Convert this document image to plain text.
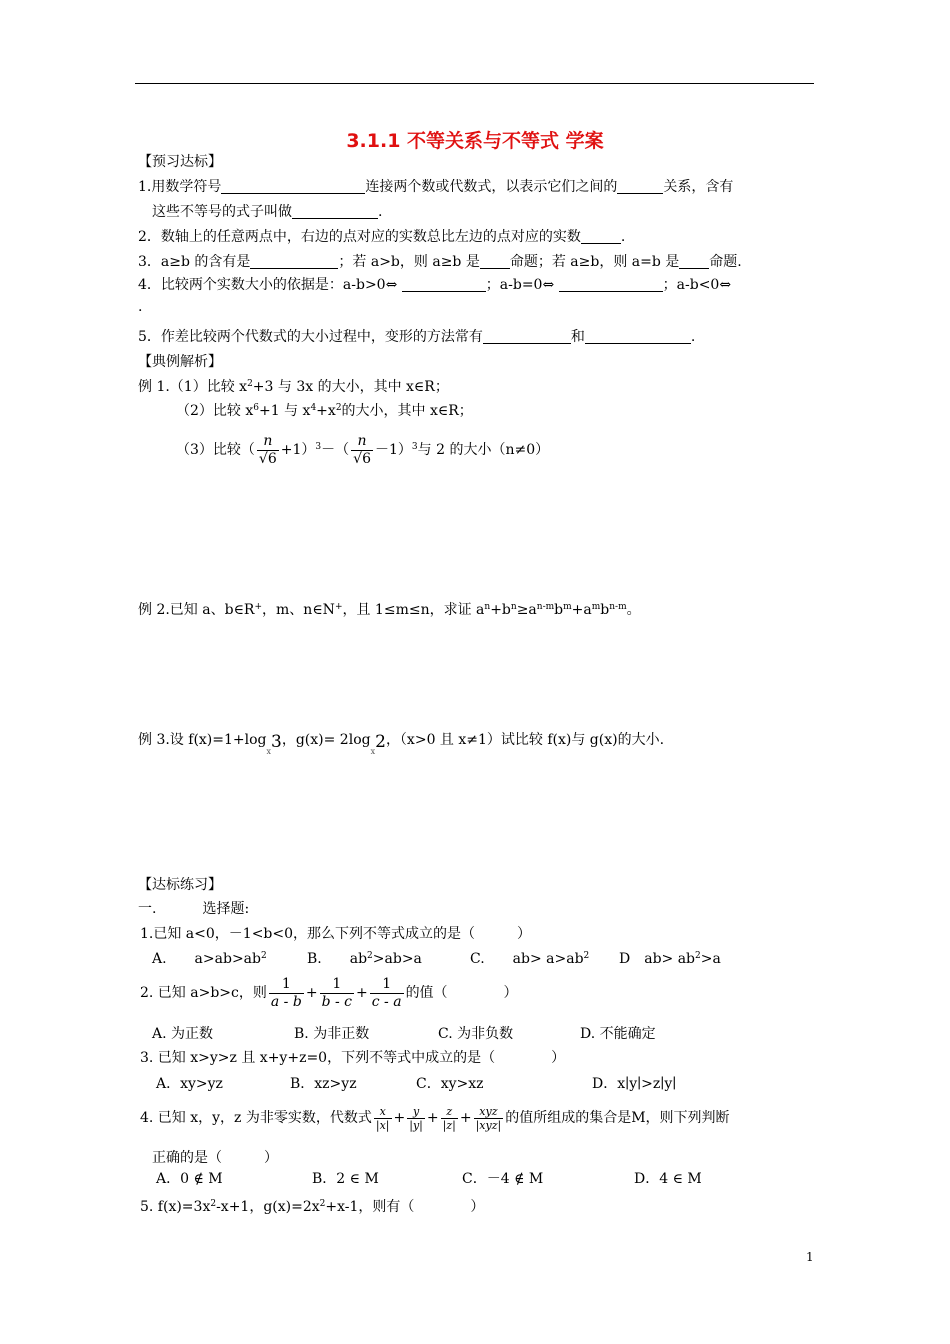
3.1.1 不等关系与不等式 学案
【预习达标】
1.用数学符号	连接两个数或代数式，以表示它们之间的	关系，含有
这些不等号的式子叫做	.
2．数轴上的任意两点中，右边的点对应的实数总比左边的点对应的实数	.
3．a≥b 的含有是	；若 a>b，则 a≥b 是 命题；若 a≥b，则 a=b 是 命题.
4．比较两个实数大小的依据是：a-b>0⇔	；a-b=0⇔	；a-b<0⇔
.
5．作差比较两个代数式的大小过程中，变形的方法常有	和	.
【典例解析】
例 1.（1）比较 $x^2+3$ 与 3x 的大小，其中 x∈R；
（2）比较 $x^6+1$ 与 $x^4+x^2$的大小，其中 x∈R；
（3）比较（ $\frac{n}{√6} +1)^3-( \frac{n}{√6} -1)^3$与 2 的大小（n≠0）
例 2.已知 a、b∈R+，m、n∈N+，且 1≤m≤n，求证 $a^n+b^n\ge a^{n-m}b^m+a^mb^{n-m}$。
例 3.设 $f(x)=1+\log_x3$，$g(x)= 2\log_x2$，（x>0 且 x≠1）试比较 f(x)与 g(x)的大小.
【达标练习】
一.	选择题:
1.已知 a<0，－1<b<0，那么下列不等式成立的是（　　　）
A.　　$a>ab>ab^2$	B.　　$ab^2>ab>a$	C.　　$ab> a>ab^2$ D　$ab> ab^2>a$
2. 已知 a>b>c，则 $\frac{1}{a - b} + \frac{1}{b - c} + \frac{1}{c - a}$ 的值（　　　　）
A. 为正数	B. 为非正数	C. 为非负数	D. 不能确定
3. 已知 x>y>z 且 x+y+z=0，下列不等式中成立的是（　　　　）
A．xy>yz	B．xz>yz	C．xy>xz	D．x∣y∣>z∣y∣
4. 已知 x，y，z 为非零实数，代数式 $\frac{x}{|x|} + \frac{y}{|y|} + \frac{z}{|z|} + \frac{\text{xyz}}{\text{|xyz|}}$ 的值所组成的集合是M，则下列判断
正确的是（　　　）
A．0 ∉ M	B．2 ∈ M	C．－4 ∉ M	D．4 ∈ M
5. $f(x)=3x^2-x+1$，$g(x)=2x^2+x-1$，则有（　　　　）
1
